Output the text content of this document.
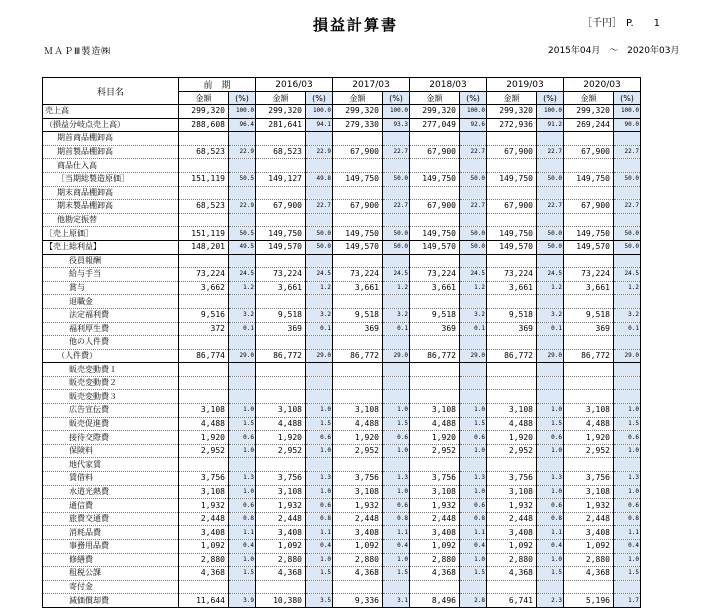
損益計算書	［千円］ P.　　1
ＭＡＰⅢ製造㈱	2015年04月 ～ 2020年03月
科目名	前　期		2016/03		2017/03		2018/03		2019/03		2020/03	
	金額	(%)	金額	(%)	金額	(%)	金額	(%)	金額	(%)	金額	(%)
売上高	299,320	100.0	299,320	100.0	299,320	100.0	299,320	100.0	299,320	100.0	299,320	100.0
（損益分岐点売上高）	288,608	96.4	281,641	94.1	279,330	93.3	277,049	92.6	272,936	91.2	269,244	90.0
期首商品棚卸高												
期首製品棚卸高	68,523	22.9	68,523	22.9	67,900	22.7	67,900	22.7	67,900	22.7	67,900	22.7
商品仕入高												
［当期総製造原価］	151,119	50.5	149,127	49.8	149,750	50.0	149,750	50.0	149,750	50.0	149,750	50.0
期末商品棚卸高												
期末製品棚卸高	68,523	22.9	67,900	22.7	67,900	22.7	67,900	22.7	67,900	22.7	67,900	22.7
他勘定振替												
［売上原価］	151,119	50.5	149,750	50.0	149,750	50.0	149,750	50.0	149,750	50.0	149,750	50.0
【売上総利益】	148,201	49.5	149,570	50.0	149,570	50.0	149,570	50.0	149,570	50.0	149,570	50.0
役員報酬												
給与手当	73,224	24.5	73,224	24.5	73,224	24.5	73,224	24.5	73,224	24.5	73,224	24.5
賞与	3,662	1.2	3,661	1.2	3,661	1.2	3,661	1.2	3,661	1.2	3,661	1.2
退職金												
法定福利費	9,516	3.2	9,518	3.2	9,518	3.2	9,518	3.2	9,518	3.2	9,518	3.2
福利厚生費	372	0.1	369	0.1	369	0.1	369	0.1	369	0.1	369	0.1
他の人件費												
（人件費）	86,774	29.0	86,772	29.0	86,772	29.0	86,772	29.0	86,772	29.0	86,772	29.0
販売変動費１												
販売変動費２												
販売変動費３												
広告宣伝費	3,108	1.0	3,108	1.0	3,108	1.0	3,108	1.0	3,108	1.0	3,108	1.0
販売促進費	4,488	1.5	4,488	1.5	4,488	1.5	4,488	1.5	4,488	1.5	4,488	1.5
接待交際費	1,920	0.6	1,920	0.6	1,920	0.6	1,920	0.6	1,920	0.6	1,920	0.6
保険料	2,952	1.0	2,952	1.0	2,952	1.0	2,952	1.0	2,952	1.0	2,952	1.0
地代家賃												
賃借料	3,756	1.3	3,756	1.3	3,756	1.3	3,756	1.3	3,756	1.3	3,756	1.3
水道光熱費	3,108	1.0	3,108	1.0	3,108	1.0	3,108	1.0	3,108	1.0	3,108	1.0
通信費	1,932	0.6	1,932	0.6	1,932	0.6	1,932	0.6	1,932	0.6	1,932	0.6
旅費交通費	2,448	0.8	2,448	0.8	2,448	0.8	2,448	0.8	2,448	0.8	2,448	0.8
消耗品費	3,408	1.1	3,408	1.1	3,408	1.1	3,408	1.1	3,408	1.1	3,408	1.1
事務用品費	1,092	0.4	1,092	0.4	1,092	0.4	1,092	0.4	1,092	0.4	1,092	0.4
修繕費	2,880	1.0	2,880	1.0	2,880	1.0	2,880	1.0	2,880	1.0	2,880	1.0
租税公課	4,368	1.5	4,368	1.5	4,368	1.5	4,368	1.5	4,368	1.5	4,368	1.5
寄付金												
減価償却費	11,644	3.9	10,380	3.5	9,336	3.1	8,496	2.8	6,741	2.3	5,196	1.7
